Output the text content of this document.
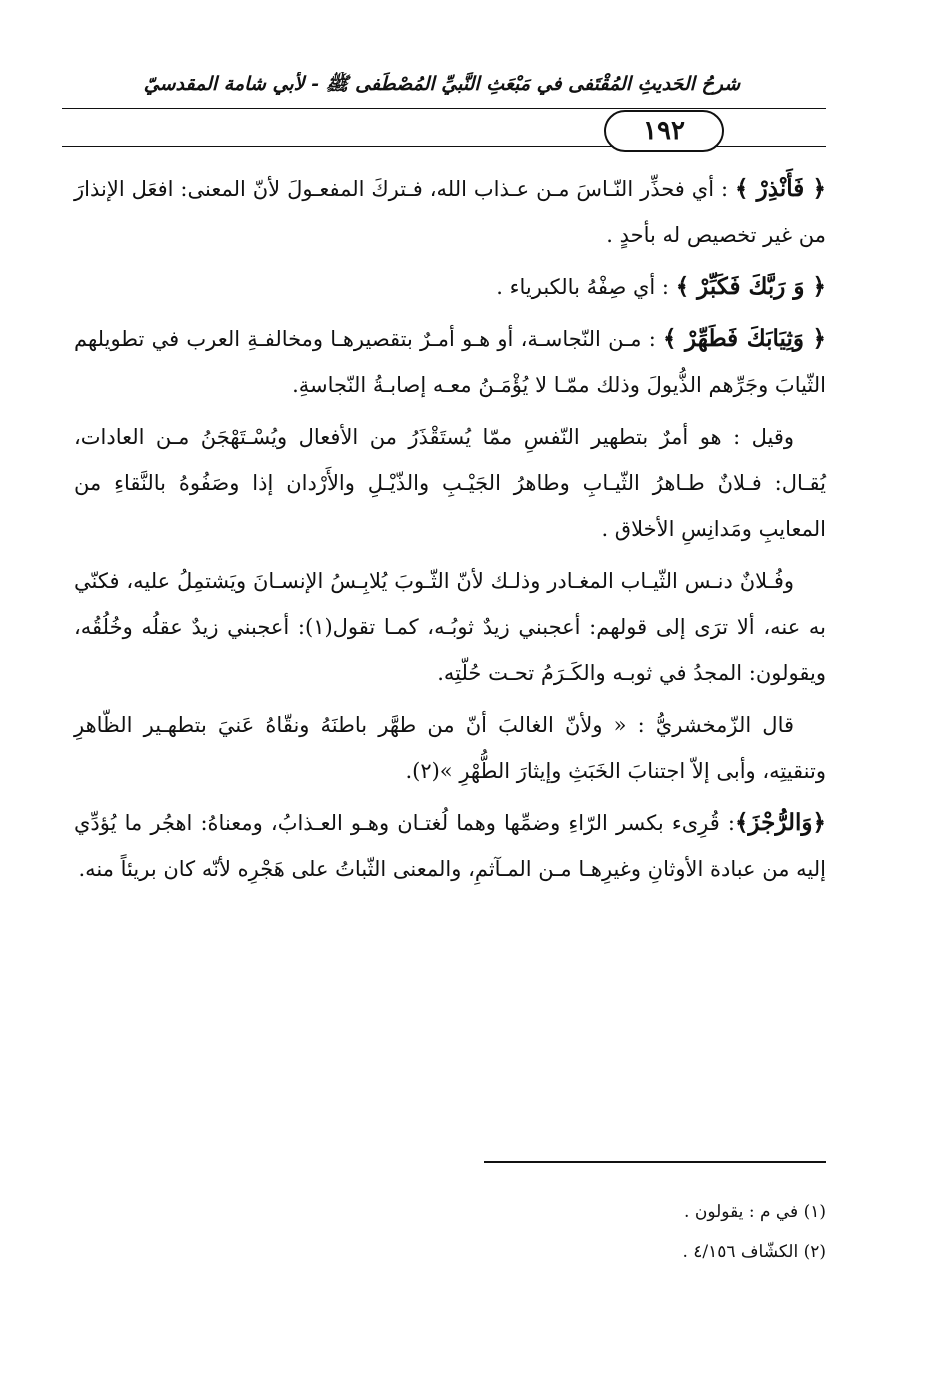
شرحُ الحَديثِ المُقْتَفى في مَبْعَثِ النَّبيِّ المُصْطَفى ﷺ - لأبي شامة المقدسيّ
١٩٢

﴿ فَأَنْذِرْ ﴾ : أي فحذِّر النّـاسَ مـن عـذاب الله، فـتركَ المفعـولَ لأنّ المعنى: افعَل الإنذارَ من غير تخصيص له بأحدٍ .

﴿ وَ رَبَّكَ فَكَبِّرْ ﴾ : أي صِفْهُ بالكبرياء .

﴿ وَثِيَابَكَ فَطَهِّرْ ﴾ : مـن النّجاسـة، أو هـو أمـرٌ بتقصيرهـا ومخالفـةِ العرب في تطويلهم الثّيابَ وجَرِّهم الذُّيولَ وذلك ممّـا لا يُؤْمَـنُ معـه إصابـةُ النّجاسةِ.

وقيل : هو أمرٌ بتطهير النّفسِ ممّا يُستَقْذَرُ من الأفعال ويُسْـتَهْجَنُ مـن العادات، يُقـال: فـلانٌ طـاهرُ الثّيـابِ وطاهرُ الجَيْـبِ والذّيْـلِ والأَرْدان إذا وصَفُوهُ بالنَّقاءِ من المعايبِ ومَدانِسِ الأخلاق .

وفُـلانٌ دنـس الثّيـاب المغـادر وذلـك لأنّ الثّـوبَ يُلابِـسُ الإنسـانَ ويَشتمِلُ عليه، فكنّي به عنه، ألا ترَى إلى قولهم: أعجبني زيدٌ ثوبُـه، كمـا تقول(١): أعجبني زيدٌ عقلُه وخُلُقُه، ويقولون: المجدُ في ثوبـه والكَـرَمُ تحـت حُلّتِه.

قال الزّمخشريُّ : « ولأنّ الغالبَ أنّ من طهَّر باطنَهُ ونقّاهُ عَنيَ بتطهـير الظّاهرِ وتنقيتِه، وأبى إلاّ اجتنابَ الخَبَثِ وإيثارَ الطُّهْرِ »(٢).

﴿وَالرُّجْزَ﴾: قُرِىء بكسر الرّاءِ وضمِّها وهما لُغتـان وهـو العـذابُ، ومعناهُ: اهجُر ما يُؤدِّي إليه من عبادة الأوثانِ وغيرِهـا مـن المـآثمِ، والمعنى الثّباتُ على هَجْرِه لأنّه كان بريئاً منه.

(١) في م : يقولون .
(٢) الكشّاف ٤/١٥٦ .
